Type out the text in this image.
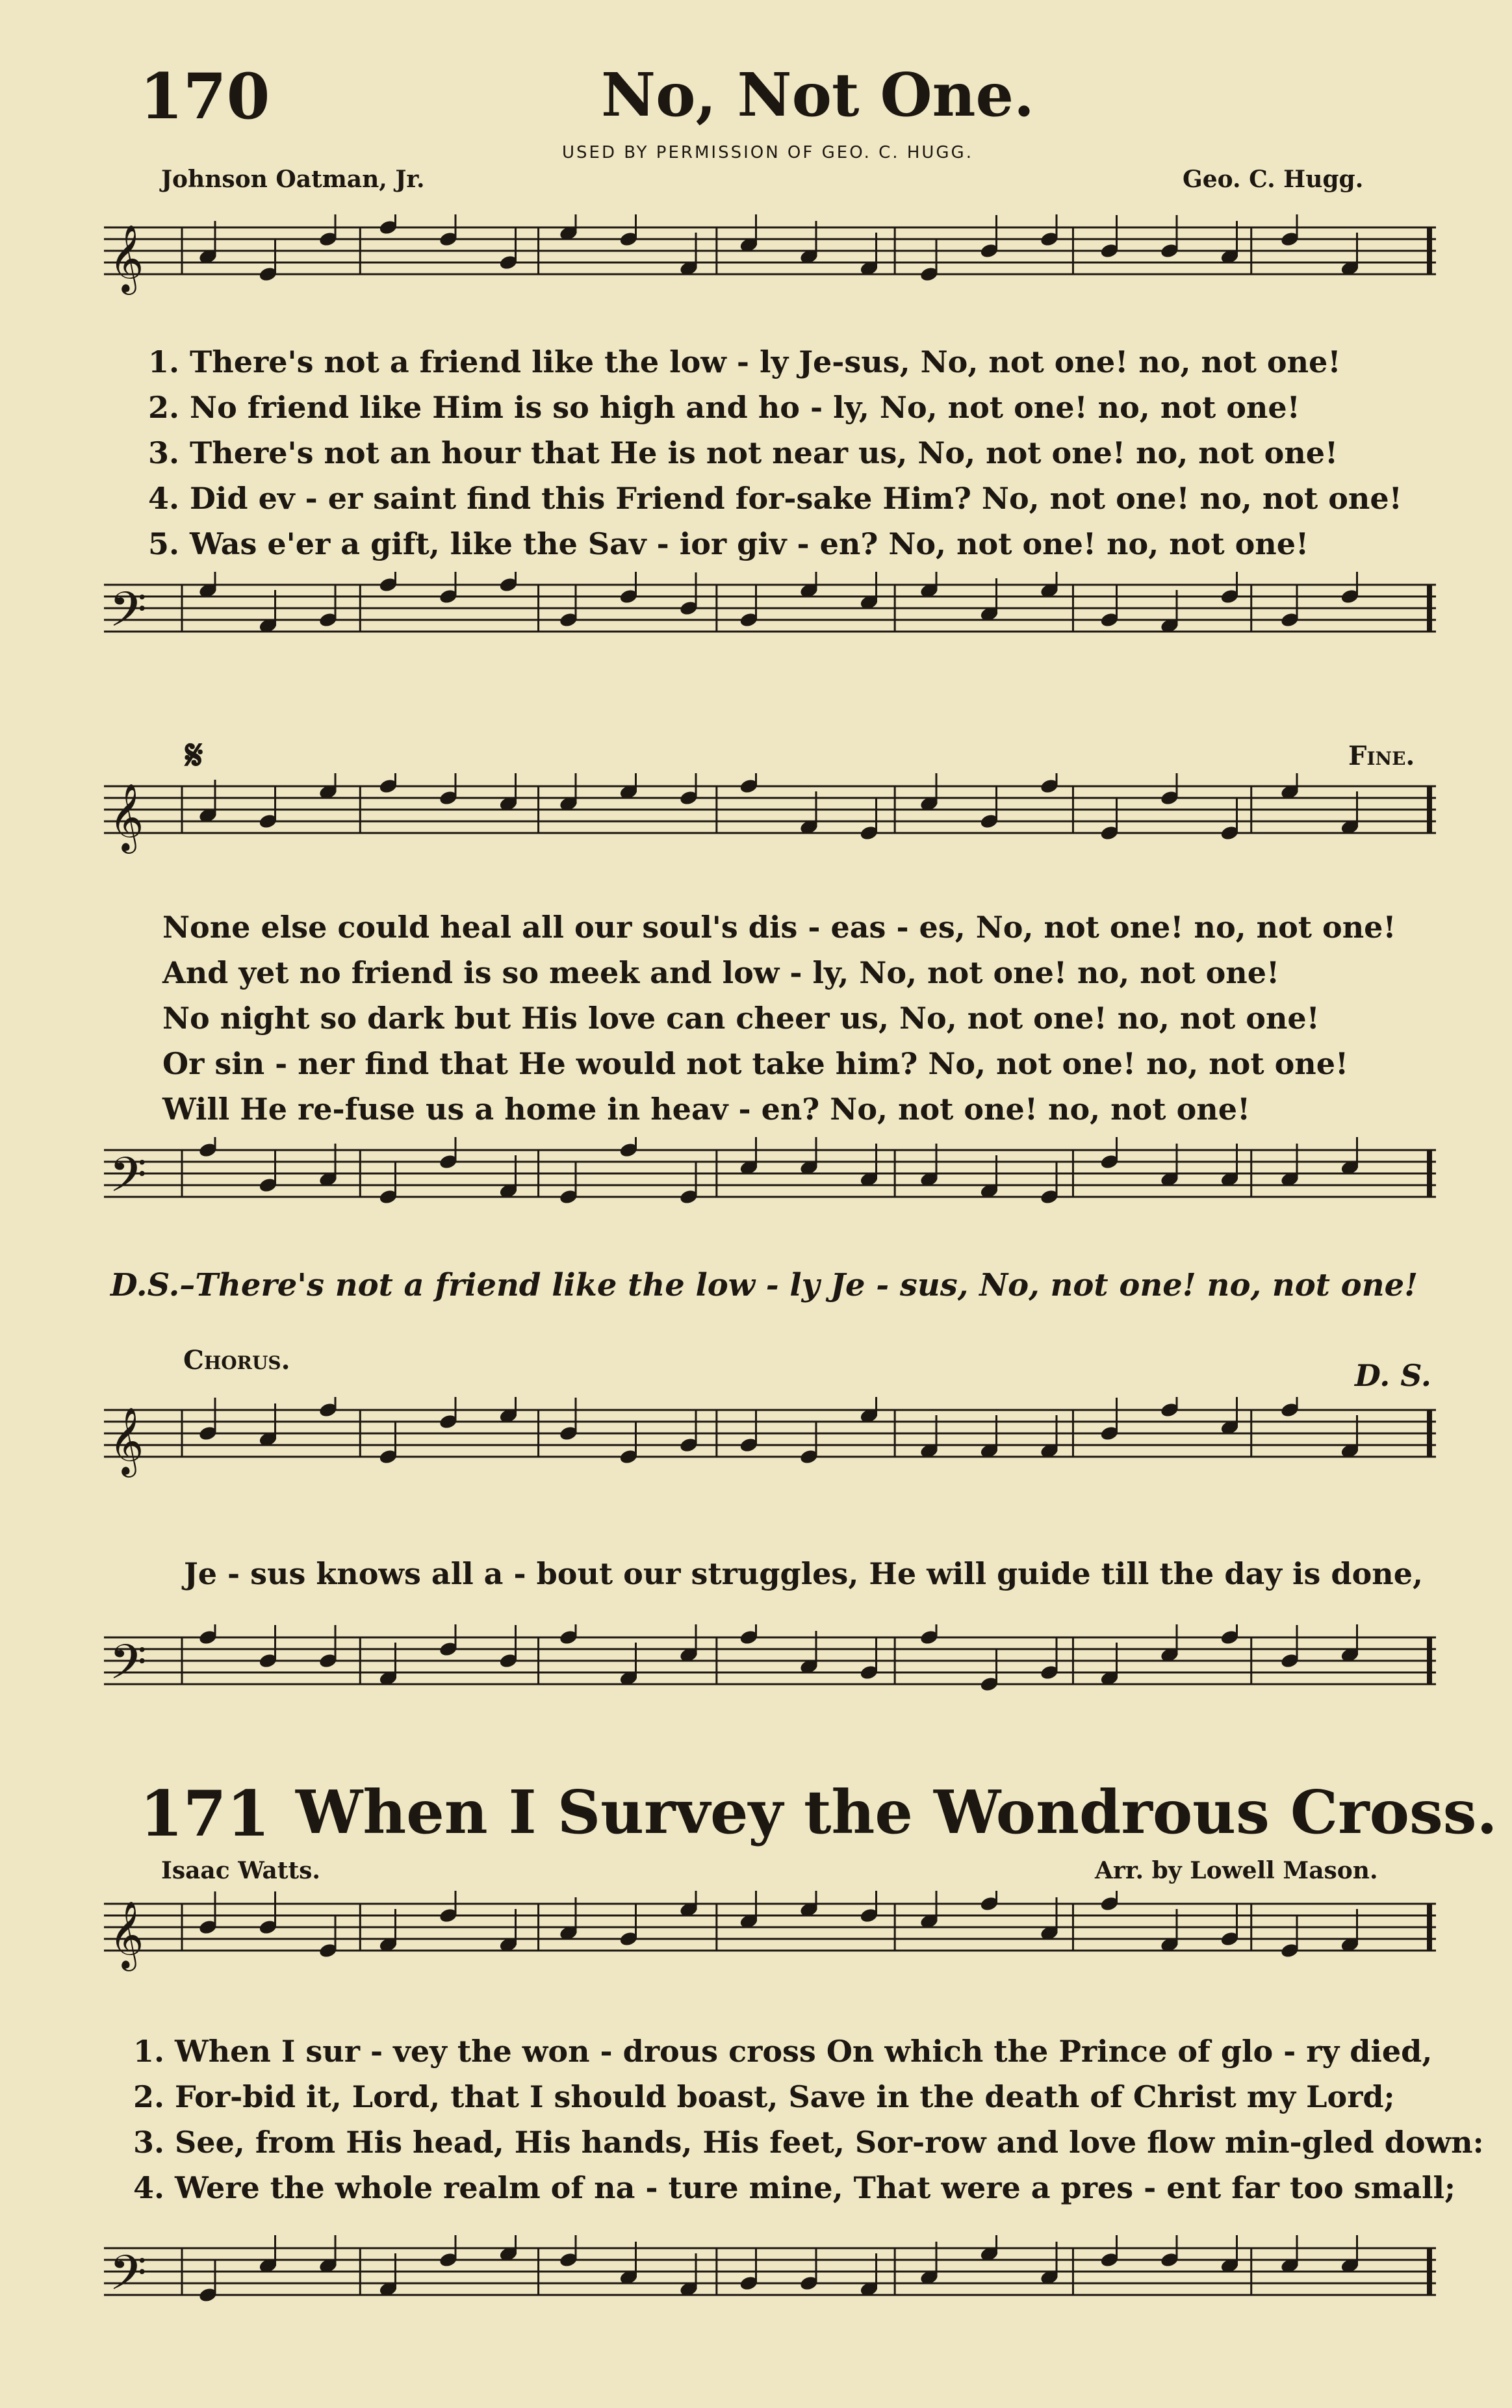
170	No, Not One.
USED BY PERMISSION OF GEO. C. HUGG.
Johnson Oatman, Jr.	Geo. C. Hugg.
𝄞
1. There's not a friend like the low - ly Je-sus, No, not one! no, not one!
2. No friend like Him is so high and ho - ly, No, not one! no, not one!
3. There's not an hour that He is not near us, No, not one! no, not one!
4. Did ev - er saint find this Friend for-sake Him? No, not one! no, not one!
5. Was e'er a gift, like the Sav - ior giv - en? No, not one! no, not one!
𝄢
𝄋	Fine.
𝄞
None else could heal all our soul's dis - eas - es, No, not one! no, not one!
And yet no friend is so meek and low - ly, No, not one! no, not one!
No night so dark but His love can cheer us, No, not one! no, not one!
Or sin - ner find that He would not take him? No, not one! no, not one!
Will He re-fuse us a home in heav - en? No, not one! no, not one!
𝄢
D.S.–There's not a friend like the low - ly Je - sus, No, not one! no, not one!
Chorus.	D. S.
𝄞
Je - sus knows all a - bout our struggles, He will guide till the day is done,
𝄢
171 When I Survey the Wondrous Cross.
Isaac Watts.	Arr. by Lowell Mason.
𝄞
1. When I sur - vey the won - drous cross On which the Prince of glo - ry died,
2. For-bid it, Lord, that I should boast, Save in the death of Christ my Lord;
3. See, from His head, His hands, His feet, Sor-row and love flow min-gled down:
4. Were the whole realm of na - ture mine, That were a pres - ent far too small;
𝄢
